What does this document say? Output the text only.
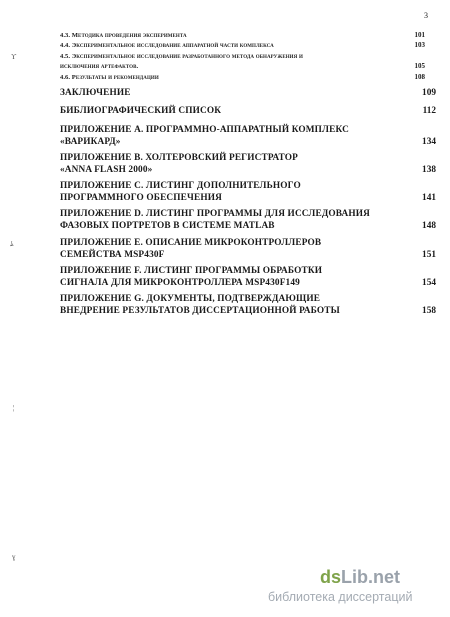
3
ϒ
ﾑ
¦
ɣ
4.3. Методика проведения эксперимента	101
4.4. Экспериментальное исследование аппаратной части комплекса	103
4.5. Экспериментальное исследование разработанного метода обнаружения и
исключения артефактов.	105
4.6. Результаты и рекомендации	108
ЗАКЛЮЧЕНИЕ	109
БИБЛИОГРАФИЧЕСКИЙ СПИСОК	112
ПРИЛОЖЕНИЕ А. ПРОГРАММНО-АППАРАТНЫЙ КОМПЛЕКС
«ВАРИКАРД»	134
ПРИЛОЖЕНИЕ В. ХОЛТЕРОВСКИЙ РЕГИСТРАТОР
«ANNA FLASH 2000»	138
ПРИЛОЖЕНИЕ С. ЛИСТИНГ ДОПОЛНИТЕЛЬНОГО
ПРОГРАММНОГО ОБЕСПЕЧЕНИЯ	141
ПРИЛОЖЕНИЕ D. ЛИСТИНГ ПРОГРАММЫ ДЛЯ ИССЛЕДОВАНИЯ
ФАЗОВЫХ ПОРТРЕТОВ В СИСТЕМЕ MATLAB	148
ПРИЛОЖЕНИЕ Е. ОПИСАНИЕ МИКРОКОНТРОЛЛЕРОВ
СЕМЕЙСТВА MSP430F	151
ПРИЛОЖЕНИЕ F. ЛИСТИНГ ПРОГРАММЫ ОБРАБОТКИ
СИГНАЛА ДЛЯ МИКРОКОНТРОЛЛЕРА MSP430F149	154
ПРИЛОЖЕНИЕ G. ДОКУМЕНТЫ, ПОДТВЕРЖДАЮЩИЕ
ВНЕДРЕНИЕ РЕЗУЛЬТАТОВ ДИССЕРТАЦИОННОЙ РАБОТЫ	158
dsLib.net
библиотека диссертаций
